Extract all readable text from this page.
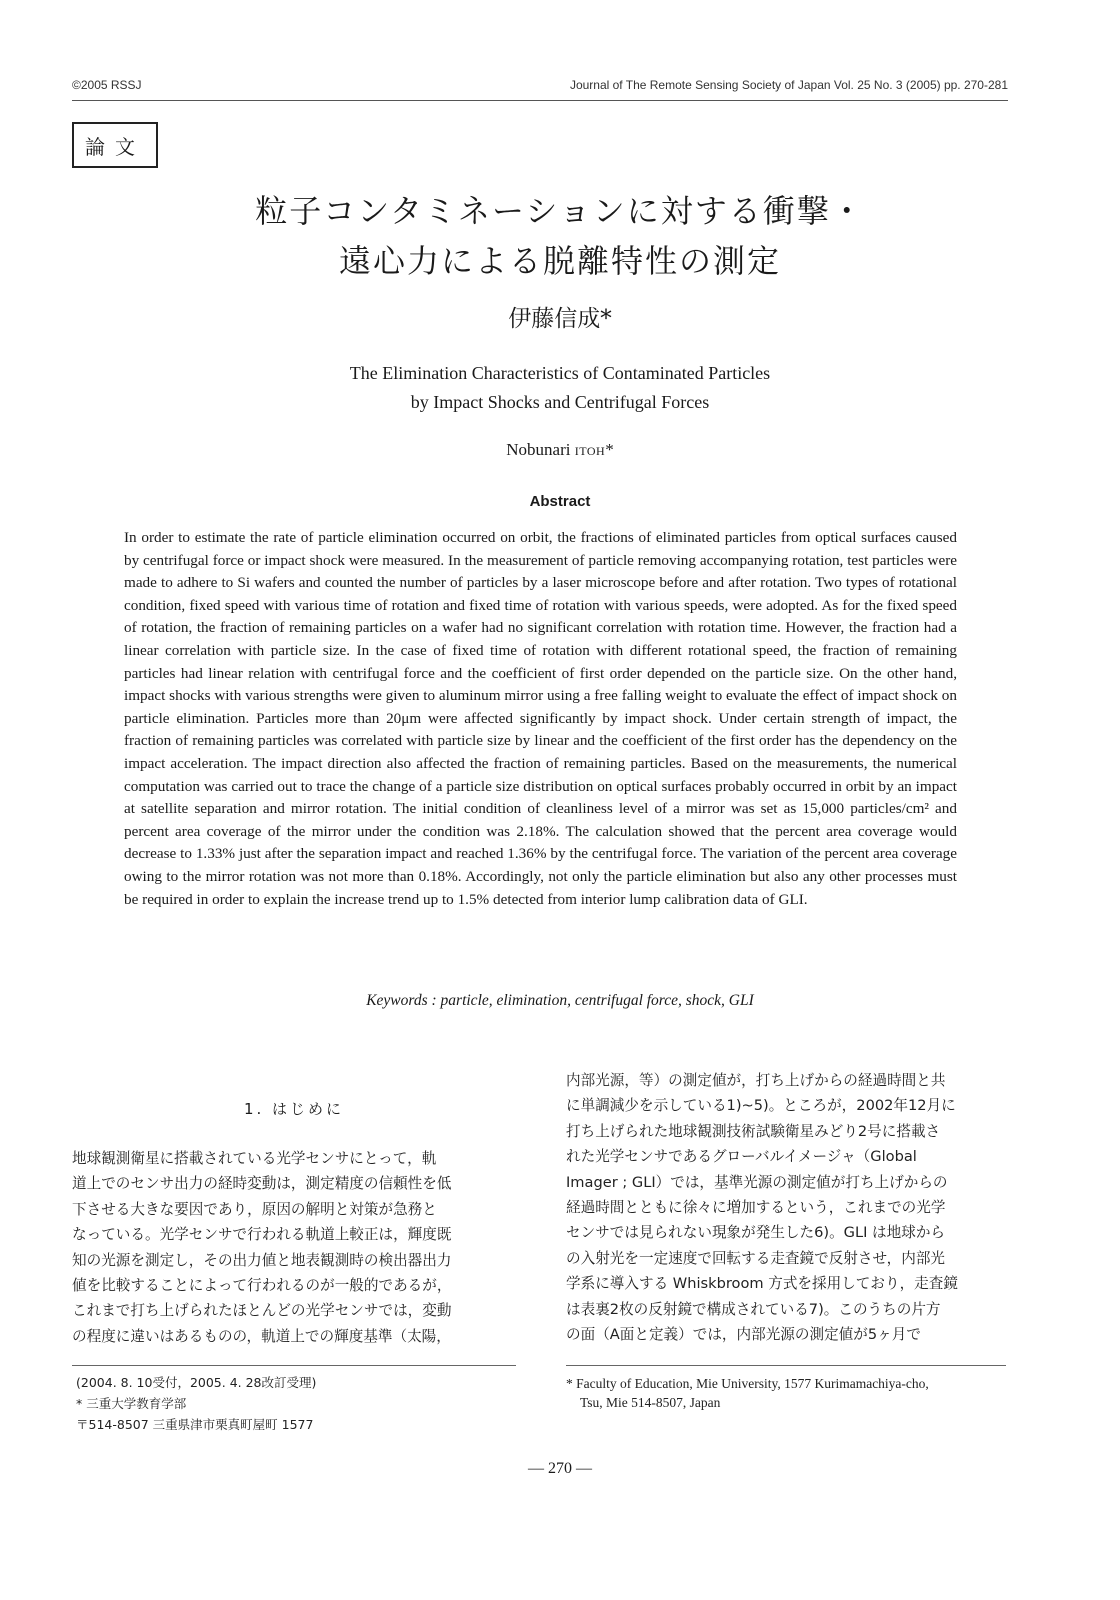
©2005 RSSJ	Journal of The Remote Sensing Society of Japan Vol. 25 No. 3 (2005) pp. 270-281
論文
粒子コンタミネーションに対する衝撃・
遠心力による脱離特性の測定
伊藤信成*
The Elimination Characteristics of Contaminated Particles
by Impact Shocks and Centrifugal Forces
Nobunari ITOH*
Abstract
In order to estimate the rate of particle elimination occurred on orbit, the fractions of eliminated particles from optical surfaces caused by centrifugal force or impact shock were measured. In the measurement of particle removing accompanying rotation, test particles were made to adhere to Si wafers and counted the number of particles by a laser microscope before and after rotation. Two types of rotational condition, fixed speed with various time of rotation and fixed time of rotation with various speeds, were adopted. As for the fixed speed of rotation, the fraction of remaining particles on a wafer had no significant correlation with rotation time. However, the fraction had a linear correlation with particle size. In the case of fixed time of rotation with different rotational speed, the fraction of remaining particles had linear relation with centrifugal force and the coefficient of first order depended on the particle size. On the other hand, impact shocks with various strengths were given to aluminum mirror using a free falling weight to evaluate the effect of impact shock on particle elimination. Particles more than 20μm were affected significantly by impact shock. Under certain strength of impact, the fraction of remaining particles was correlated with particle size by linear and the coefficient of the first order has the dependency on the impact acceleration. The impact direction also affected the fraction of remaining particles. Based on the measurements, the numerical computation was carried out to trace the change of a particle size distribution on optical surfaces probably occurred in orbit by an impact at satellite separation and mirror rotation. The initial condition of cleanliness level of a mirror was set as 15,000 particles/cm² and percent area coverage of the mirror under the condition was 2.18%. The calculation showed that the percent area coverage would decrease to 1.33% just after the separation impact and reached 1.36% by the centrifugal force. The variation of the percent area coverage owing to the mirror rotation was not more than 0.18%. Accordingly, not only the particle elimination but also any other processes must be required in order to explain the increase trend up to 1.5% detected from interior lump calibration data of GLI.
Keywords : particle, elimination, centrifugal force, shock, GLI
1. はじめに
地球観測衛星に搭載されている光学センサにとって，軌
道上でのセンサ出力の経時変動は，測定精度の信頼性を低
下させる大きな要因であり，原因の解明と対策が急務と
なっている。光学センサで行われる軌道上較正は，輝度既
知の光源を測定し，その出力値と地表観測時の検出器出力
値を比較することによって行われるのが一般的であるが，
これまで打ち上げられたほとんどの光学センサでは，変動
の程度に違いはあるものの，軌道上での輝度基準（太陽，
内部光源，等）の測定値が，打ち上げからの経過時間と共
に単調減少を示している1)~5)。ところが，2002年12月に
打ち上げられた地球観測技術試験衛星みどり2号に搭載さ
れた光学センサであるグローバルイメージャ（Global
Imager ; GLI）では，基準光源の測定値が打ち上げからの
経過時間とともに徐々に増加するという，これまでの光学
センサでは見られない現象が発生した6)。GLI は地球から
の入射光を一定速度で回転する走査鏡で反射させ，内部光
学系に導入する Whiskbroom 方式を採用しており，走査鏡
は表裏2枚の反射鏡で構成されている7)。このうちの片方
の面（A面と定義）では，内部光源の測定値が5ヶ月で
(2004. 8. 10受付，2005. 4. 28改訂受理)
* 三重大学教育学部
〒514-8507 三重県津市栗真町屋町 1577
* Faculty of Education, Mie University, 1577 Kurimamachiya-cho,
Tsu, Mie 514-8507, Japan
— 270 —
